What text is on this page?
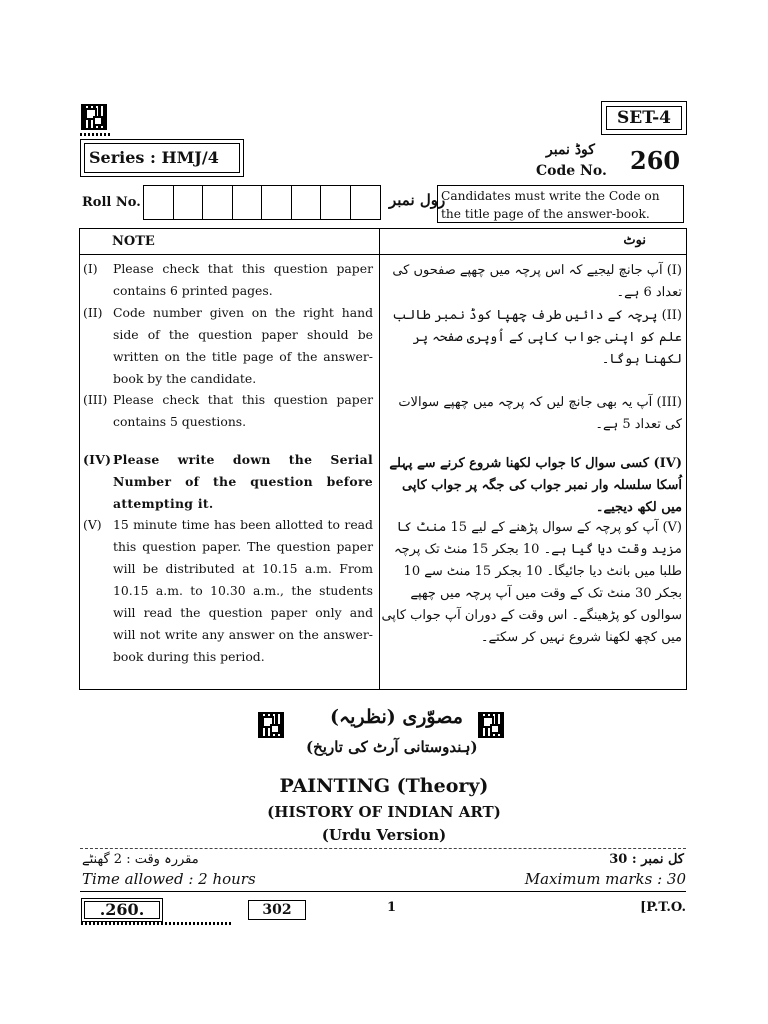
SET-4
Series : HMJ/4	کوڈ نمبر
Code No. 260
Roll No.	رول نمبر
Candidates must write the Code on the title page of the answer-book.
NOTE	نوٹ
(I) Please check that this question paper contains 6 printed pages.
(II) Code number given on the right hand side of the question paper should be written on the title page of the answer-book by the candidate.
(III) Please check that this question paper contains 5 questions.
(IV) Please write down the Serial Number of the question before attempting it.
(V) 15 minute time has been allotted to read this question paper. The question paper will be distributed at 10.15 a.m. From 10.15 a.m. to 10.30 a.m., the students will read the question paper only and will not write any answer on the answer-book during this period.
(I) آپ جانچ لیجیے کہ اس پرچہ میں چھپے صفحوں کی تعداد 6 ہے۔
(II) پرچہ کے دائیں طرف چھپا کوڈ نمبر طالب علم کو اپنی جواب کاپی کے اُوپری صفحہ پر لکھنا ہوگا۔
(III) آپ یہ بھی جانچ لیں کہ پرچہ میں چھپے سوالات کی تعداد 5 ہے۔
(IV) کسی سوال کا جواب لکھنا شروع کرنے سے پہلے اُسکا سلسلہ وار نمبر جواب کی جگہ پر جواب کاپی میں لکھ دیجیے۔
(V) آپ کو پرچہ کے سوال پڑھنے کے لیے 15 منٹ کا مزید وقت دیا گیا ہے۔ 10 بجکر 15 منٹ تک پرچہ طلبا میں بانٹ دیا جائیگا۔ 10 بجکر 15 منٹ سے 10 بجکر 30 منٹ تک کے وقت میں آپ پرچہ میں چھپے سوالوں کو پڑھینگے۔ اس وقت کے دوران آپ جواب کاپی میں کچھ لکھنا شروع نہیں کر سکتے۔
مصوّری (نظریہ)
(ہندوستانی آرٹ کی تاریخ)
PAINTING (Theory)
(HISTORY OF INDIAN ART)
(Urdu Version)
مقررہ وقت : 2 گھنٹے	کل نمبر : 30
Time allowed : 2 hours	Maximum marks : 30
.260.	302	1	[P.T.O.
